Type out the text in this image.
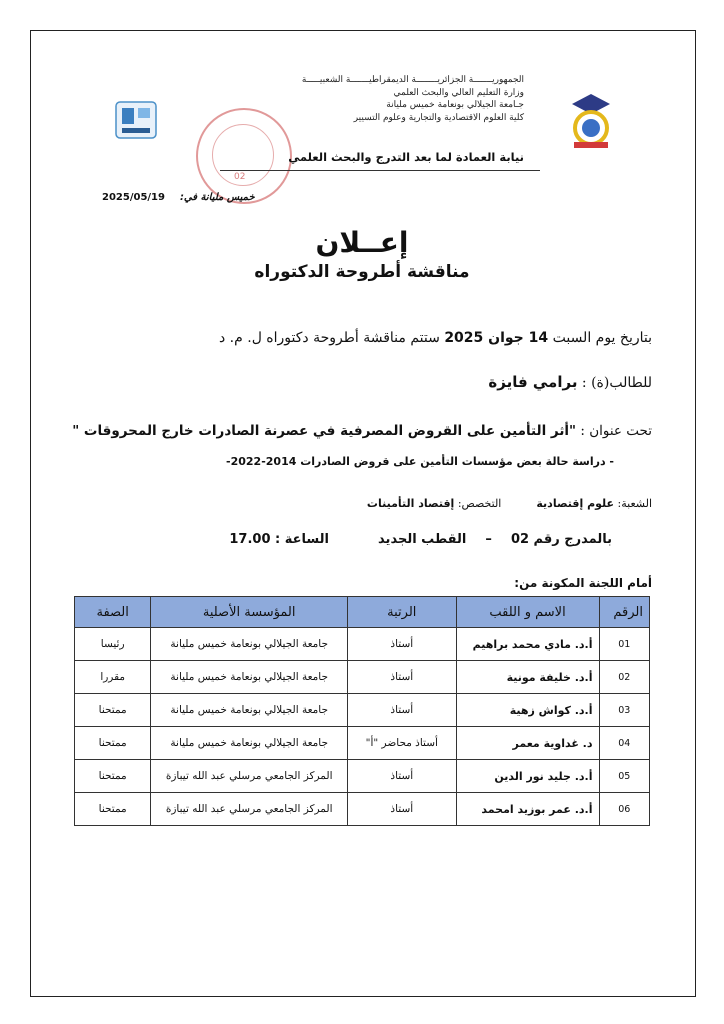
02
الجمهوريـــــــة الجزائريــــــــة الديمقراطيـــــــة الشعبيـــــة
وزارة التعليم العالي والبحث العلمي
جـامعة الجيلالي بونعامة خميس مليانة
كلية العلوم الاقتصادية والتجارية وعلوم التسيير
نيابة العمادة لما بعد التدرج والبحث العلمي
خميس مليانة في:  2025/05/19
إعــلان
مناقشة أطروحة الدكتوراه
بتاريخ يوم السبت 14 جوان 2025 ستتم مناقشة أطروحة دكتوراه ل. م. د
للطالب(ة) : برامي فايزة
تحت عنوان : "أثر التأمين على القروض المصرفية في عصرنة الصادرات خارج المحروقات "
- دراسة حالة بعض مؤسسات التأمين على قروض الصادرات 2014-2022-
الشعبة: علوم إقتصادية  التخصص: إقتصاد التأمينات
بالمدرج رقم 02  –  القطب الجديد  الساعة : 17.00
أمام اللجنة المكونة من:
الرقم	الاسم و اللقب	الرتبة	المؤسسة الأصلية	الصفة
01	أ.د. مادي محمد براهيم	أستاذ	جامعة الجيلالي بونعامة خميس مليانة	رئيسا
02	أ.د. خليفة مونية	أستاذ	جامعة الجيلالي بونعامة خميس مليانة	مقررا
03	أ.د. كواش زهية	أستاذ	جامعة الجيلالي بونعامة خميس مليانة	ممتحنا
04	د. غداوية معمر	أستاذ محاضر "أ"	جامعة الجيلالي بونعامة خميس مليانة	ممتحنا
05	أ.د. جليد نور الدين	أستاذ	المركز الجامعي مرسلي عبد الله تيبازة	ممتحنا
06	أ.د. عمر بوزيد امحمد	أستاذ	المركز الجامعي مرسلي عبد الله تيبازة	ممتحنا
